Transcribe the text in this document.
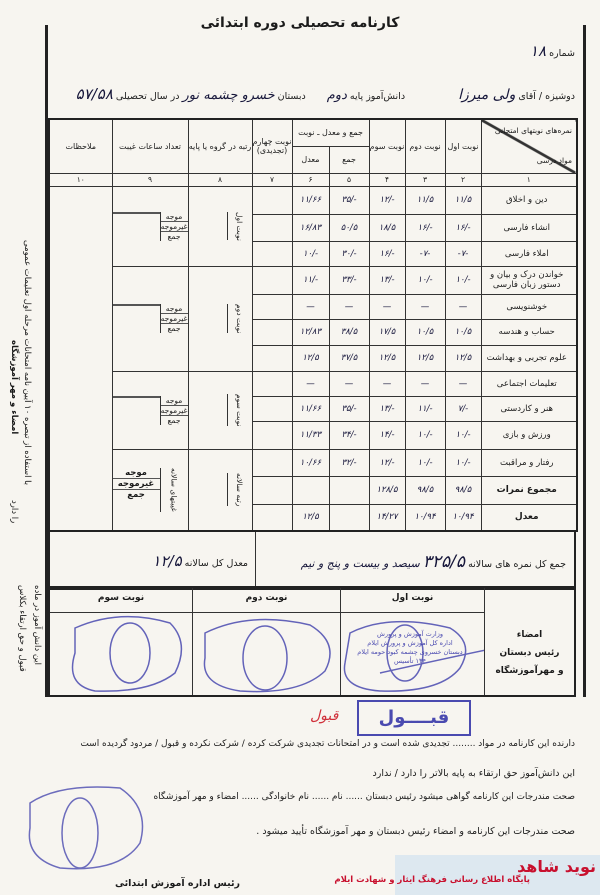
کارنامه تحصیلی دوره ابتدائی
شماره ۱۸
دوشیزه / آقای ولی میرزا دانش‌آموز پایه دوم دبستان خسرو چشمه نور در سال تحصیلی ۵۷/۵۸
ملاحظات	تعداد ساعات غیبت	رتبه در گروه یا پایه	نوبت چهارم (تجدیدی)	جمع و معدل ـ نوبت		نوبت سوم	نوبت دوم	نوبت اول	نمره‌های نوبتهای امتحانی
مواد درسی

				معدل	جمع				
۱۰	۹	۸	۷	۶	۵	۴	۳	۲	۱

موجه
غیرموجه
جمع	نوبت اول		۱۱/۶۶	۳۵/-	۱۲/-	۱۱/۵	۱۱/۵	دین و اخلاق
				۱۶/۸۳	۵۰/۵	۱۸/۵	۱۶/-	۱۶/-	انشاء فارسی
				۱۰/-	۳۰/-	۱۶/-	-۷-	-۷-	املاء فارسی

موجه
غیرموجه
جمع	نوبت دوم		۱۱/-	۳۳/-	۱۳/-	۱۰/-	۱۰/-	خواندن درک و بیان و دستور زبان فارسی
				—	—	—	—	—	خوشنویسی
				۱۲/۸۳	۳۸/۵	۱۷/۵	۱۰/۵	۱۰/۵	حساب و هندسه
				۱۲/۵	۳۷/۵	۱۲/۵	۱۲/۵	۱۲/۵	علوم تجربی و بهداشت

موجه
غیرموجه
جمع	نوبت سوم		—	—	—	—	—	تعلیمات اجتماعی
				۱۱/۶۶	۳۵/-	۱۳/-	۱۱/-	۷/-	هنر و کاردستی
				۱۱/۳۳	۳۴/-	۱۴/-	۱۰/-	۱۰/-	ورزش و بازی

موجه
غیرموجه
جمع غیبتهای سالانه	رتبه سالانه		۱۰/۶۶	۳۲/-	۱۲/-	۱۰/-	۱۰/-	رفتار و مراقبت
						۱۲۸/۵	۹۸/۵	۹۸/۵	مجموع نمرات
				۱۲/۵		۱۴/۲۷	۱۰/۹۴	۱۰/۹۴	معدل
جمع کل نمره های سالانه ۳۲۵/۵ سیصد و بیست و پنج و نیم
معدل کل سالانه ۱۲/۵
نوبت اول
نوبت دوم
نوبت سوم
امضاء
رئیس دبستان
و مهرآموزشگاه
وزارت آموزش و پرورش
اداره کل آموزش و پرورش ایلام
دبستان خسروی چشمه کبود حومه ایلام
۱۳۴ تأسیس
با استفاده از تبصره ۱۰ آیین نامه امتحانات مرحله اول تعلیمات عمومی
امضاء و مهر آموزشگاه
را دارد
این دانش آموز در ماده
قبول و حق ارتقاء بکلاس
قبــــول
قبول
دارنده این کارنامه در مواد ........ تجدیدی شده است و در امتحانات تجدیدی شرکت کرده / شرکت نکرده و قبول / مردود گردیده است
این دانش‌آموز حق ارتقاء به پایه بالاتر را دارد / ندارد
صحت مندرجات این کارنامه گواهی میشود رئیس دبستان ...... نام ...... نام خانوادگی ...... امضاء و مهر آموزشگاه
صحت مندرجات این کارنامه و امضاء رئیس دبستان و مهر آموزشگاه تأیید میشود .
رئیس اداره آموزش ابتدائی
نوید شاهد
پایگاه اطلاع رسانی فرهنگ ایثار و شهادت ایلام
